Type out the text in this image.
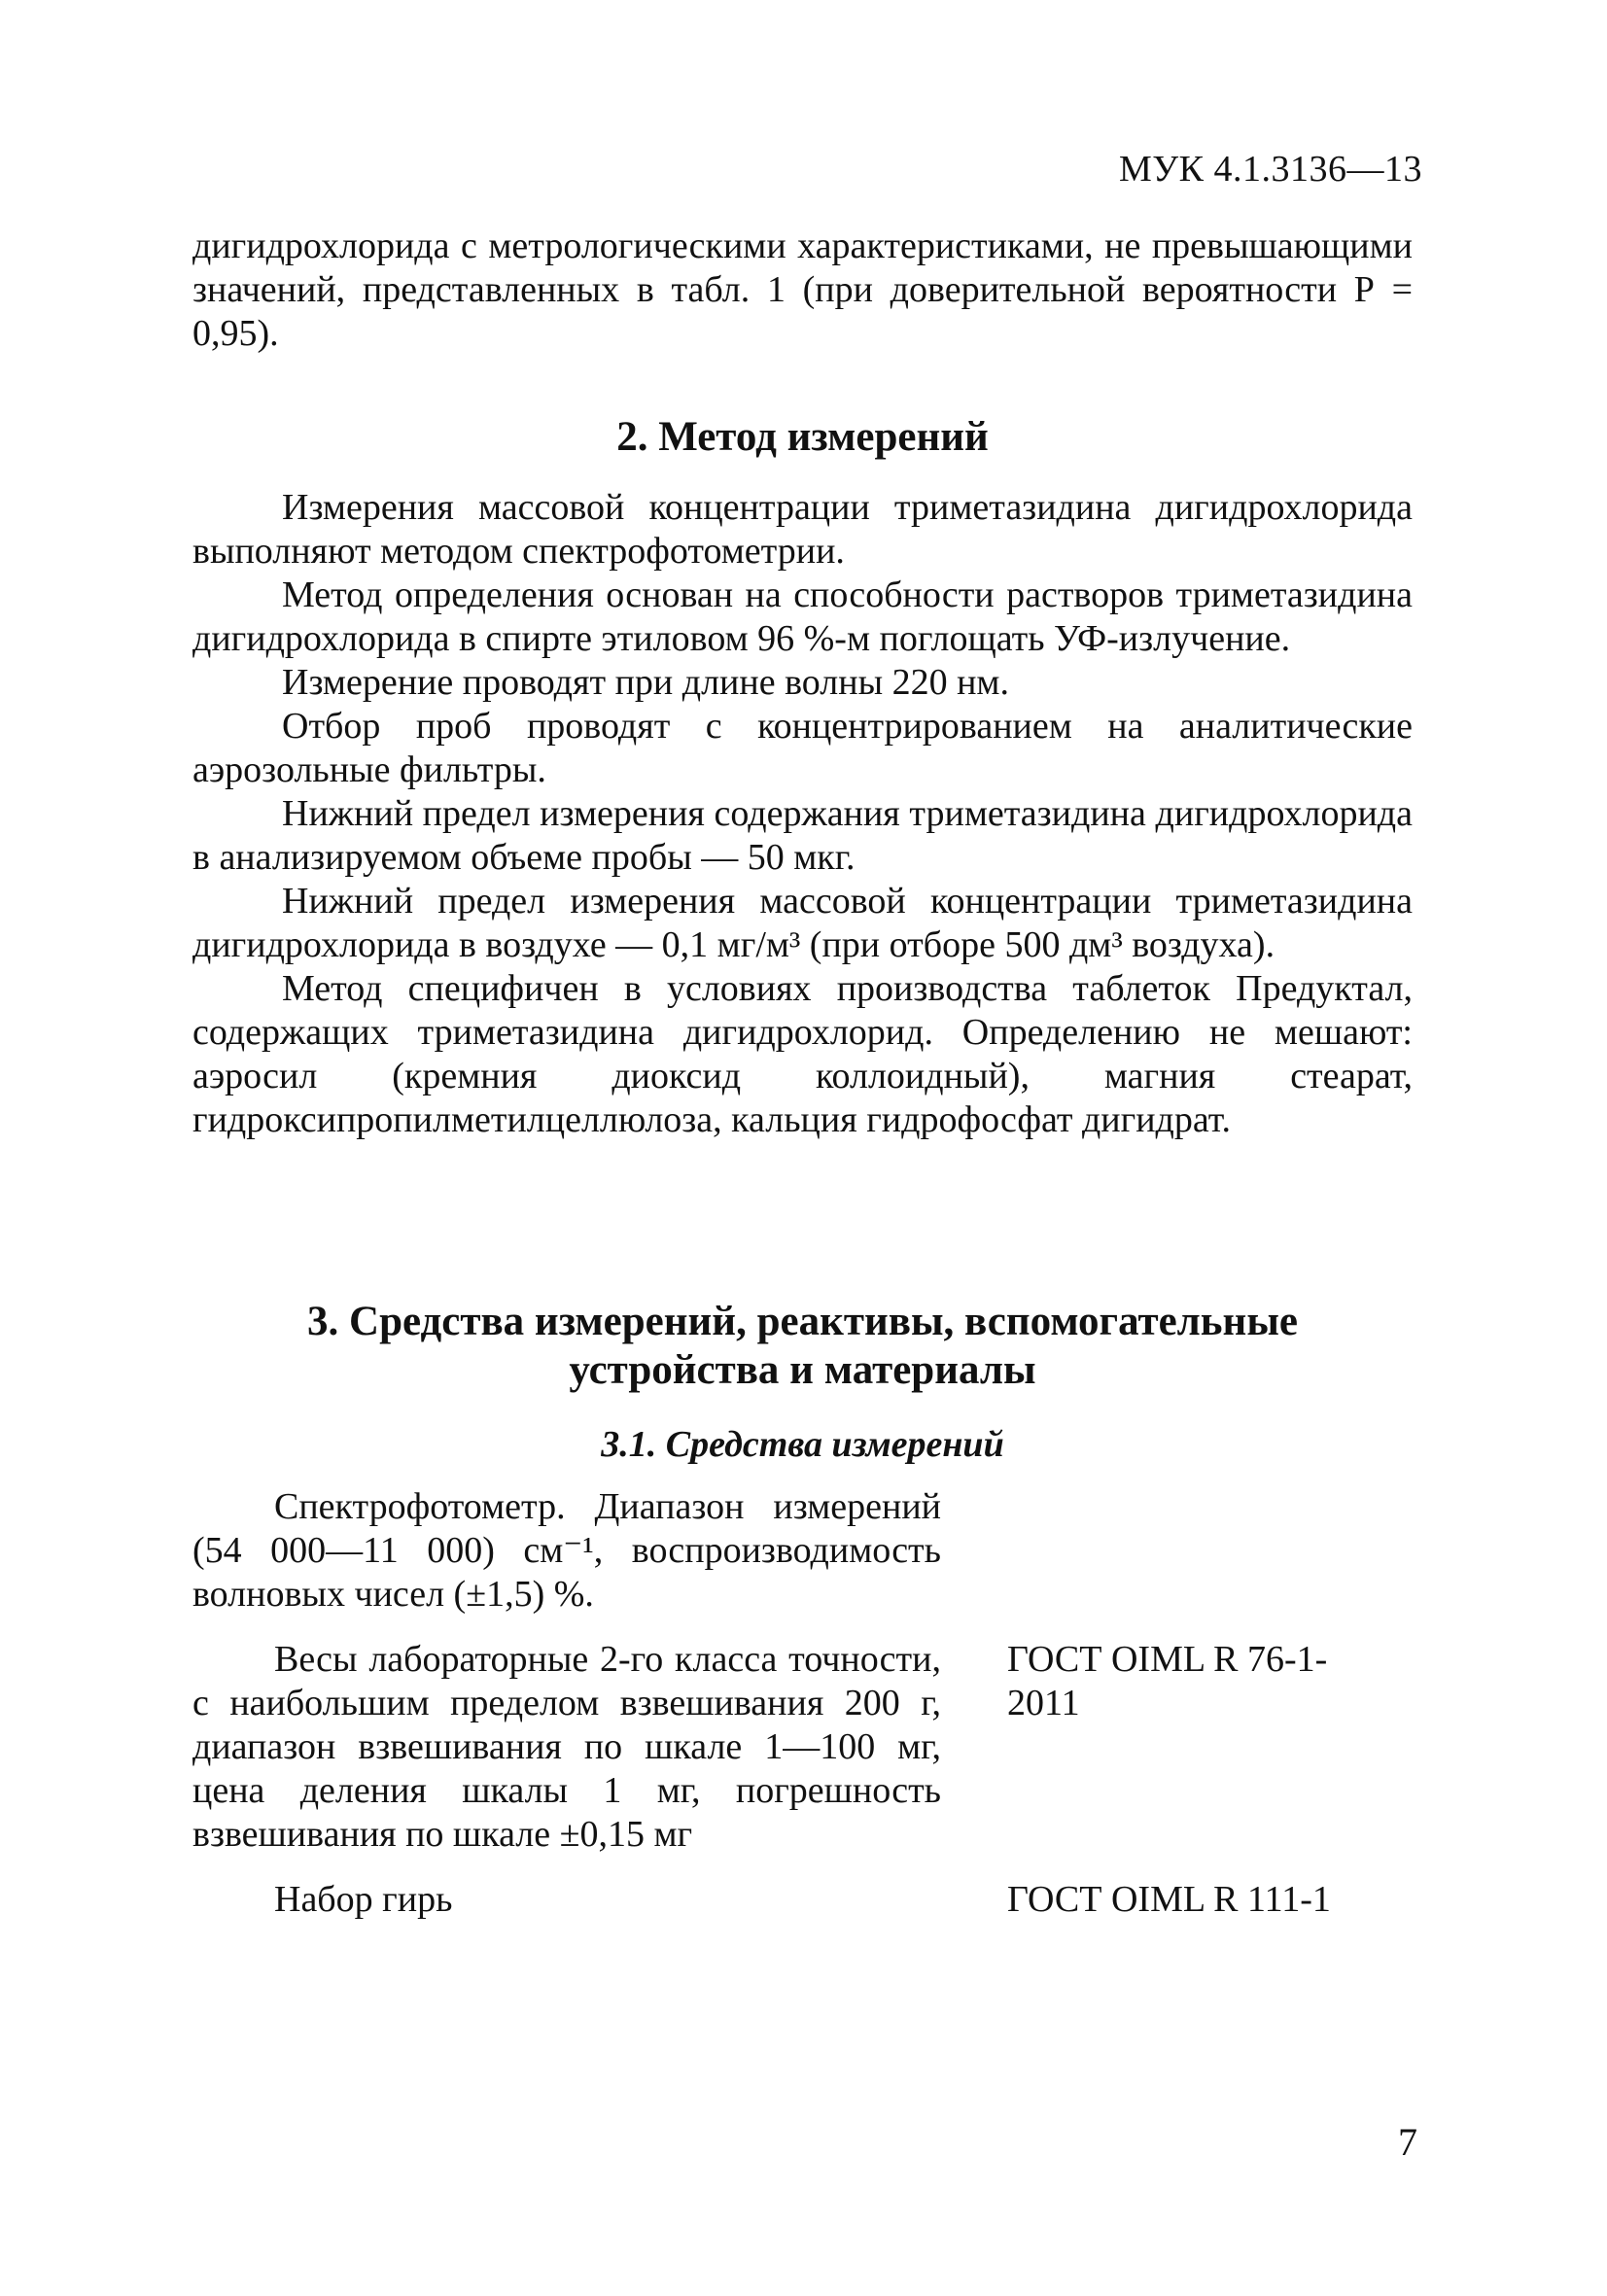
МУК 4.1.3136—13

дигидрохлорида с метрологическими характеристиками, не превышающими значений, представленных в табл. 1 (при доверительной вероятности Р = 0,95).

2. Метод измерений

Измерения массовой концентрации триметазидина дигидрохлорида выполняют методом спектрофотометрии.

Метод определения основан на способности растворов триметазидина дигидрохлорида в спирте этиловом 96 %-м поглощать УФ-излучение.

Измерение проводят при длине волны 220 нм.

Отбор проб проводят с концентрированием на аналитические аэрозольные фильтры.

Нижний предел измерения содержания триметазидина дигидрохлорида в анализируемом объеме пробы — 50 мкг.

Нижний предел измерения массовой концентрации триметазидина дигидрохлорида в воздухе — 0,1 мг/м³ (при отборе 500 дм³ воздуха).

Метод специфичен в условиях производства таблеток Предуктал, содержащих триметазидина дигидрохлорид. Определению не мешают: аэросил (кремния диоксид коллоидный), магния стеарат, гидроксипропилметилцеллюлоза, кальция гидрофосфат дигидрат.

3. Средства измерений, реактивы, вспомогательные
устройства и материалы
3.1. Средства измерений
Спектрофотометр. Диапазон измерений (54 000—11 000) см⁻¹, воспроизводимость волновых чисел (±1,5) %.
Весы лабораторные 2-го класса точности, с наибольшим пределом взвешивания 200 г, диапазон взвешивания по шкале 1—100 мг, цена деления шкалы 1 мг, погрешность взвешивания по шкале ±0,15 мг
ГОСТ OIML R 76-1-2011
Набор гирь	ГОСТ OIML R 111-1
7
